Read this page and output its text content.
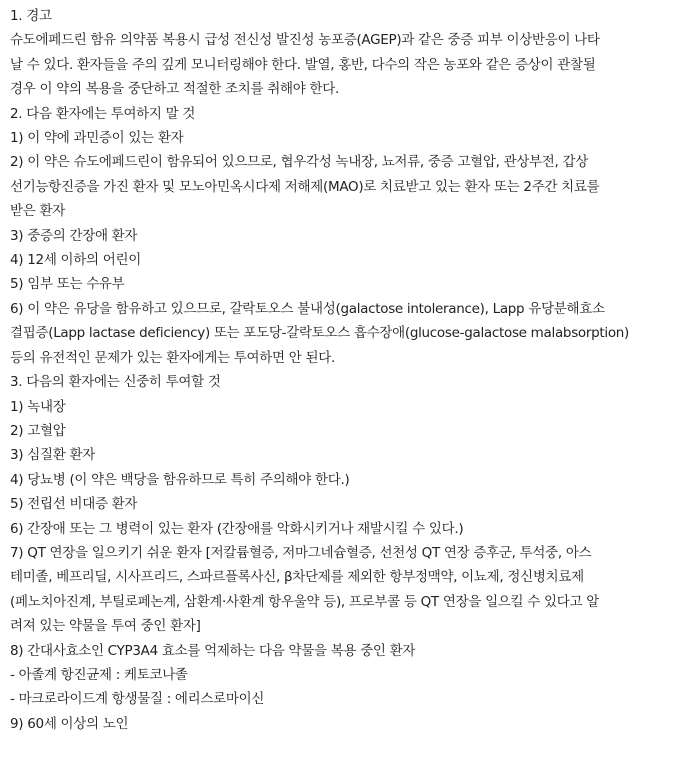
1. 경고
슈도에페드린 함유 의약품 복용시 급성 전신성 발진성 농포증(AGEP)과 같은 중증 피부 이상반응이 나타
날 수 있다. 환자들을 주의 깊게 모니터링해야 한다. 발열, 홍반, 다수의 작은 농포와 같은 증상이 관찰될
경우 이 약의 복용을 중단하고 적절한 조치를 취해야 한다.
2. 다음 환자에는 투여하지 말 것
1) 이 약에 과민증이 있는 환자
2) 이 약은 슈도에페드린이 함유되어 있으므로, 협우각성 녹내장, 뇨저류, 중증 고혈압, 관상부전, 갑상
선기능항진증을 가진 환자 및 모노아민옥시다제 저해제(MAO)로 치료받고 있는 환자 또는 2주간 치료를
받은 환자
3) 중증의 간장애 환자
4) 12세 이하의 어린이
5) 임부 또는 수유부
6) 이 약은 유당을 함유하고 있으므로, 갈락토오스 불내성(galactose intolerance), Lapp 유당분해효소
결핍증(Lapp lactase deficiency) 또는 포도당-갈락토오스 흡수장애(glucose-galactose malabsorption)
등의 유전적인 문제가 있는 환자에게는 투여하면 안 된다.
3. 다음의 환자에는 신중히 투여할 것
1) 녹내장
2) 고혈압
3) 심질환 환자
4) 당뇨병 (이 약은 백당을 함유하므로 특히 주의해야 한다.)
5) 전립선 비대증 환자
6) 간장애 또는 그 병력이 있는 환자 (간장애를 악화시키거나 재발시킬 수 있다.)
7) QT 연장을 일으키기 쉬운 환자 [저칼륨혈증, 저마그네슘혈증, 선천성 QT 연장 증후군, 투석중, 아스
테미졸, 베프리딜, 시사프리드, 스파르플록사신, β차단제를 제외한 항부정맥약, 이뇨제, 정신병치료제
(페노치아진계, 부틸로페논계, 삼환계·사환계 항우울약 등), 프로부콜 등 QT 연장을 일으킬 수 있다고 알
려져 있는 약물을 투여 중인 환자]
8) 간대사효소인 CYP3A4 효소를 억제하는 다음 약물을 복용 중인 환자
- 아졸계 항진균제 : 케토코나졸
- 마크로라이드계 항생물질 : 에리스로마이신
9) 60세 이상의 노인
